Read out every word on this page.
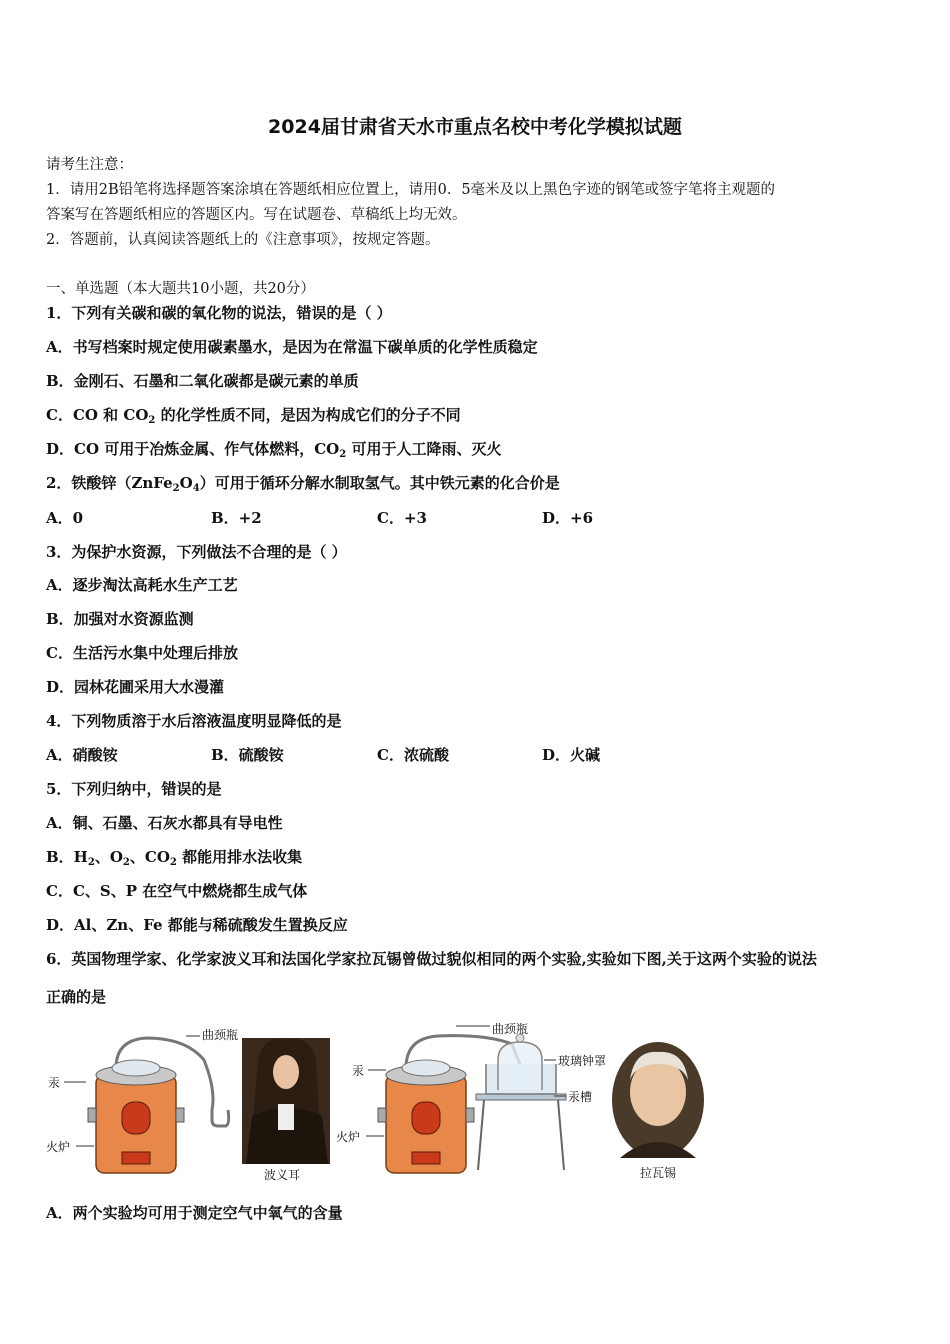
2024届甘肃省天水市重点名校中考化学模拟试题
请考生注意：
1．请用2B铅笔将选择题答案涂填在答题纸相应位置上，请用0．5毫米及以上黑色字迹的钢笔或签字笔将主观题的
答案写在答题纸相应的答题区内。写在试题卷、草稿纸上均无效。
2．答题前，认真阅读答题纸上的《注意事项》，按规定答题。
一、单选题（本大题共10小题，共20分）
1．下列有关碳和碳的氧化物的说法，错误的是（ ）
A．书写档案时规定使用碳素墨水，是因为在常温下碳单质的化学性质稳定
B．金刚石、石墨和二氧化碳都是碳元素的单质
C．CO 和 $CO_2$ 的化学性质不同，是因为构成它们的分子不同
D．CO 可用于冶炼金属、作气体燃料，$CO_2$ 可用于人工降雨、灭火
2．铁酸锌$(ZnFe_2O_4)$可用于循环分解水制取氢气。其中铁元素的化合价是
A．0	B．+2	C．+3	D．+6
3．为保护水资源，下列做法不合理的是（ ）
A．逐步淘汰高耗水生产工艺
B．加强对水资源监测
C．生活污水集中处理后排放
D．园林花圃采用大水漫灌
4．下列物质溶于水后溶液温度明显降低的是
A．硝酸铵	B．硫酸铵	C．浓硫酸	D．火碱
5．下列归纳中，错误的是
A．铜、石墨、石灰水都具有导电性
B．$H_2$、$O_2$、$CO_2$ 都能用排水法收集
C．C、S、P 在空气中燃烧都生成气体
D．Al、Zn、Fe 都能与稀硫酸发生置换反应
6．英国物理学家、化学家波义耳和法国化学家拉瓦锡曾做过貌似相同的两个实验,实验如下图,关于这两个实验的说法
正确的是
曲颈瓶
汞
火炉
波义耳
曲颈瓶
汞
玻璃钟罩
汞槽
火炉
拉瓦锡
A．两个实验均可用于测定空气中氧气的含量
